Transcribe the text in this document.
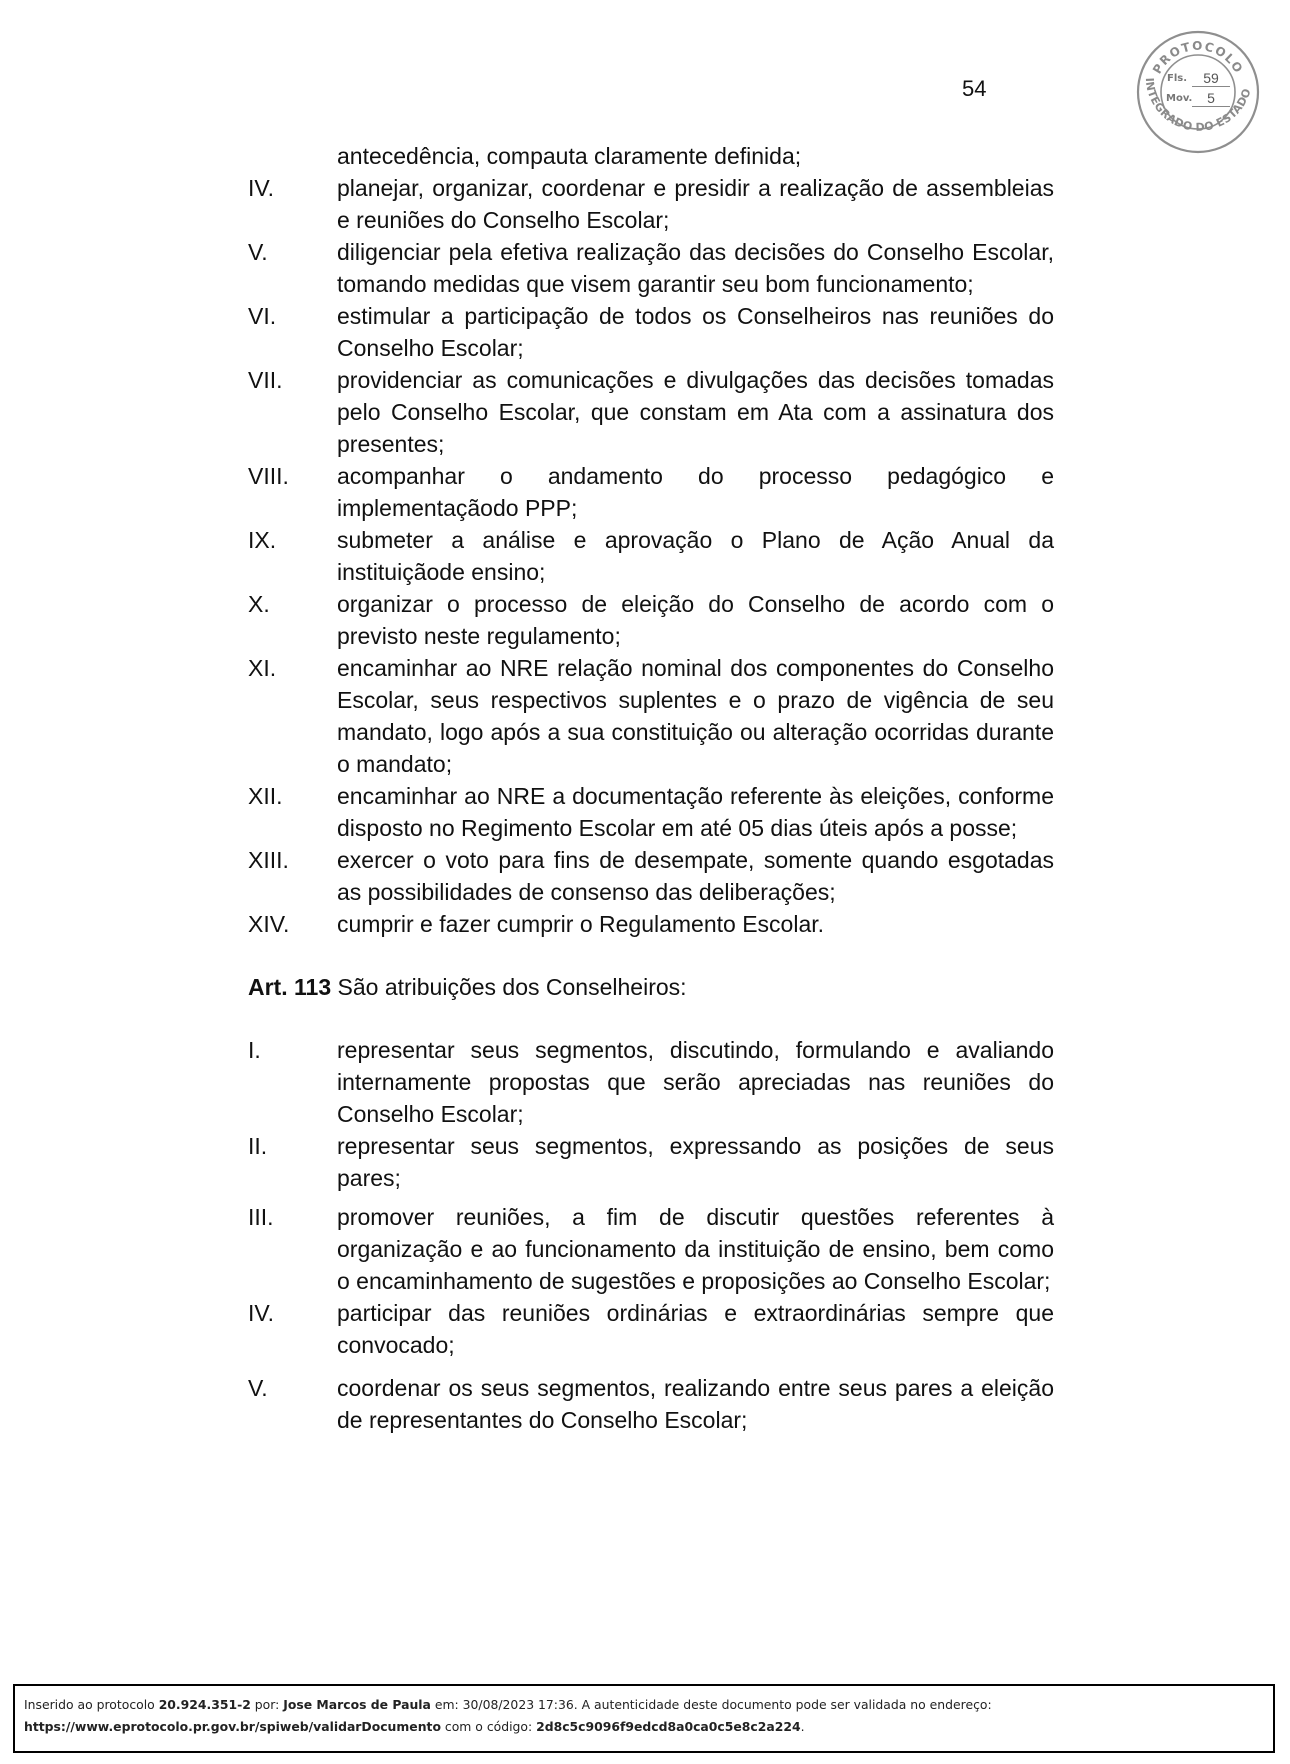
54
PROTOCOLO
INTEGRADO DO ESTADO
Fls.	59
Mov.	5
antecedência, compauta claramente definida;
IV.	planejar, organizar, coordenar e presidir a realização de assembleias e reuniões do Conselho Escolar;
V.	diligenciar pela efetiva realização das decisões do Conselho Escolar, tomando medidas que visem garantir seu bom funcionamento;
VI.	estimular a participação de todos os Conselheiros nas reuniões do Conselho Escolar;
VII.	providenciar as comunicações e divulgações das decisões tomadas pelo Conselho Escolar, que constam em Ata com a assinatura dos presentes;
VIII.	acompanhar o andamento do processo pedagógico e implementaçãodo PPP;
IX.	submeter a análise e aprovação o Plano de Ação Anual da instituiçãode ensino;
X.	organizar o processo de eleição do Conselho de acordo com o previsto neste regulamento;
XI.	encaminhar ao NRE relação nominal dos componentes do Conselho Escolar, seus respectivos suplentes e o prazo de vigência de seu mandato, logo após a sua constituição ou alteração ocorridas durante o mandato;
XII.	encaminhar ao NRE a documentação referente às eleições, conforme disposto no Regimento Escolar em até 05 dias úteis após a posse;
XIII.	exercer o voto para fins de desempate, somente quando esgotadas as possibilidades de consenso das deliberações;
XIV.	cumprir e fazer cumprir o Regulamento Escolar.
Art. 113 São atribuições dos Conselheiros:
I.	representar seus segmentos, discutindo, formulando e avaliando internamente propostas que serão apreciadas nas reuniões do Conselho Escolar;
II.	representar seus segmentos, expressando as posições de seus pares;
III.	promover reuniões, a fim de discutir questões referentes à organização e ao funcionamento da instituição de ensino, bem como o encaminhamento de sugestões e proposições ao Conselho Escolar;
IV.	participar das reuniões ordinárias e extraordinárias sempre que convocado;
V.	coordenar os seus segmentos, realizando entre seus pares a eleição de representantes do Conselho Escolar;
Inserido ao protocolo 20.924.351-2 por: Jose Marcos de Paula em: 30/08/2023 17:36. A autenticidade deste documento pode ser validada no endereço:
https://www.eprotocolo.pr.gov.br/spiweb/validarDocumento com o código: 2d8c5c9096f9edcd8a0ca0c5e8c2a224.
